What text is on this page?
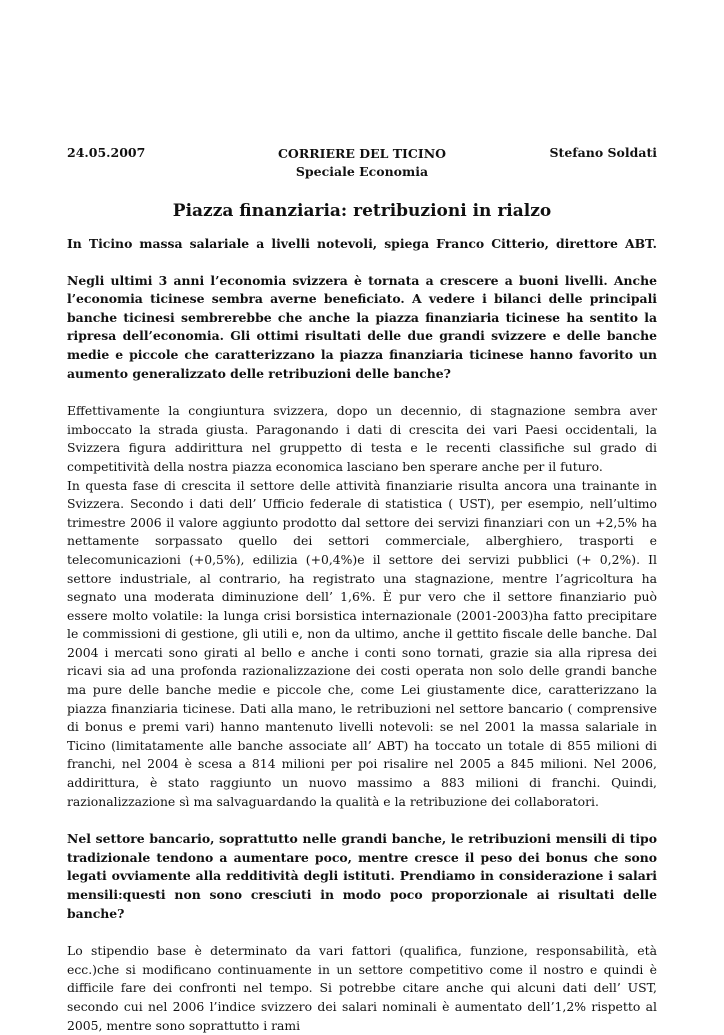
24.05.2007	CORRIERE DEL TICINO
Speciale Economia
Stefano Soldati
Piazza finanziaria: retribuzioni in rialzo

In Ticino massa salariale a livelli notevoli, spiega Franco Citterio, direttore ABT.

Negli ultimi 3 anni l’economia svizzera è tornata a crescere a buoni livelli. Anche l’economia ticinese sembra averne beneficiato. A vedere i bilanci delle principali banche ticinesi sembrerebbe che anche la piazza finanziaria ticinese ha sentito la ripresa dell’economia. Gli ottimi risultati delle due grandi svizzere e delle banche medie e piccole che caratterizzano la piazza finanziaria ticinese hanno favorito un aumento generalizzato delle retribuzioni delle banche?

Effettivamente la congiuntura svizzera, dopo un decennio, di stagnazione sembra aver imboccato la strada giusta. Paragonando i dati di crescita dei vari Paesi occidentali, la Svizzera figura addirittura nel gruppetto di testa e le recenti classifiche sul grado di competitività della nostra piazza economica lasciano ben sperare anche per il futuro.

In questa fase di crescita il settore delle attività finanziarie risulta ancora una trainante in Svizzera. Secondo i dati dell’ Ufficio federale di statistica ( UST), per esempio, nell’ultimo trimestre 2006 il valore aggiunto prodotto dal settore dei servizi finanziari con un +2,5% ha nettamente sorpassato quello dei settori commerciale, alberghiero, trasporti e telecomunicazioni (+0,5%), edilizia (+0,4%)e il settore dei servizi pubblici (+ 0,2%). Il settore industriale, al contrario, ha registrato una stagnazione, mentre l’agricoltura ha segnato una moderata diminuzione dell’ 1,6%. È pur vero che il settore finanziario può essere molto volatile: la lunga crisi borsistica internazionale (2001-2003)ha fatto precipitare le commissioni di gestione, gli utili e, non da ultimo, anche il gettito fiscale delle banche. Dal 2004 i mercati sono girati al bello e anche i conti sono tornati, grazie sia alla ripresa dei ricavi sia ad una profonda razionalizzazione dei costi operata non solo delle grandi banche ma pure delle banche medie e piccole che, come Lei giustamente dice, caratterizzano la piazza finanziaria ticinese. Dati alla mano, le retribuzioni nel settore bancario ( comprensive di bonus e premi vari) hanno mantenuto livelli notevoli: se nel 2001 la massa salariale in Ticino (limitatamente alle banche associate all’ ABT) ha toccato un totale di 855 milioni di franchi, nel 2004 è scesa a 814 milioni per poi risalire nel 2005 a 845 milioni. Nel 2006, addirittura, è stato raggiunto un nuovo massimo a 883 milioni di franchi. Quindi, razionalizzazione sì ma salvaguardando la qualità e la retribuzione dei collaboratori.

Nel settore bancario, soprattutto nelle grandi banche, le retribuzioni mensili di tipo tradizionale tendono a aumentare poco, mentre cresce il peso dei bonus che sono legati ovviamente alla redditività degli istituti. Prendiamo in considerazione i salari mensili:questi non sono cresciuti in modo poco proporzionale ai risultati delle banche?

Lo stipendio base è determinato da vari fattori (qualifica, funzione, responsabilità, età ecc.)che si modificano continuamente in un settore competitivo come il nostro e quindi è difficile fare dei confronti nel tempo. Si potrebbe citare anche qui alcuni dati dell’ UST, secondo cui nel 2006 l’indice svizzero dei salari nominali è aumentato dell’1,2% rispetto al 2005, mentre sono soprattutto i rami
